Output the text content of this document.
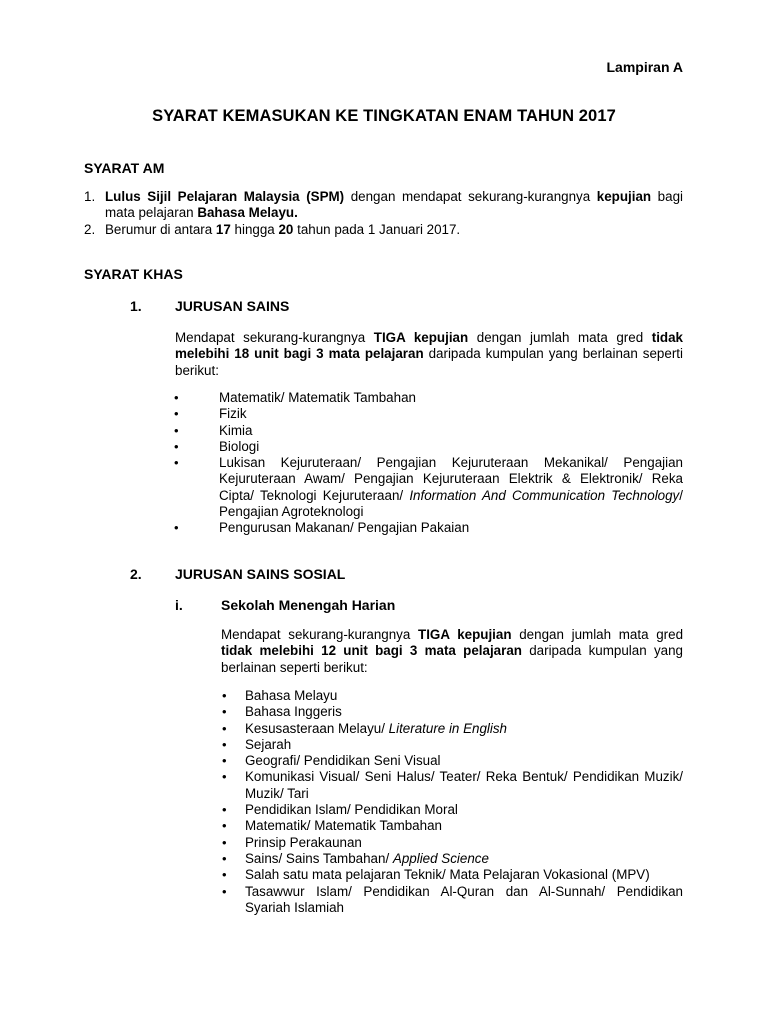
Lampiran A
SYARAT KEMASUKAN KE TINGKATAN ENAM TAHUN 2017
SYARAT AM
1. Lulus Sijil Pelajaran Malaysia (SPM) dengan mendapat sekurang-kurangnya kepujian bagi mata pelajaran Bahasa Melayu.
2. Berumur di antara 17 hingga 20 tahun pada 1 Januari 2017.
SYARAT KHAS
1. JURUSAN SAINS

Mendapat sekurang-kurangnya TIGA kepujian dengan jumlah mata gred tidak melebihi 18 unit bagi 3 mata pelajaran daripada kumpulan yang berlainan seperti berikut:

• Matematik/ Matematik Tambahan
• Fizik
• Kimia
• Biologi
• Lukisan Kejuruteraan/ Pengajian Kejuruteraan Mekanikal/ Pengajian Kejuruteraan Awam/ Pengajian Kejuruteraan Elektrik & Elektronik/ Reka Cipta/ Teknologi Kejuruteraan/ Information And Communication Technology/ Pengajian Agroteknologi
• Pengurusan Makanan/ Pengajian Pakaian
2. JURUSAN SAINS SOSIAL
i.	Sekolah Menengah Harian

Mendapat sekurang-kurangnya TIGA kepujian dengan jumlah mata gred tidak melebihi 12 unit bagi 3 mata pelajaran daripada kumpulan yang berlainan seperti berikut:

• Bahasa Melayu
• Bahasa Inggeris
• Kesusasteraan Melayu/ Literature in English
• Sejarah
• Geografi/ Pendidikan Seni Visual
• Komunikasi Visual/ Seni Halus/ Teater/ Reka Bentuk/ Pendidikan Muzik/ Muzik/ Tari
• Pendidikan Islam/ Pendidikan Moral
• Matematik/ Matematik Tambahan
• Prinsip Perakaunan
• Sains/ Sains Tambahan/ Applied Science
• Salah satu mata pelajaran Teknik/ Mata Pelajaran Vokasional (MPV)
• Tasawwur Islam/ Pendidikan Al-Quran dan Al-Sunnah/ Pendidikan Syariah Islamiah
